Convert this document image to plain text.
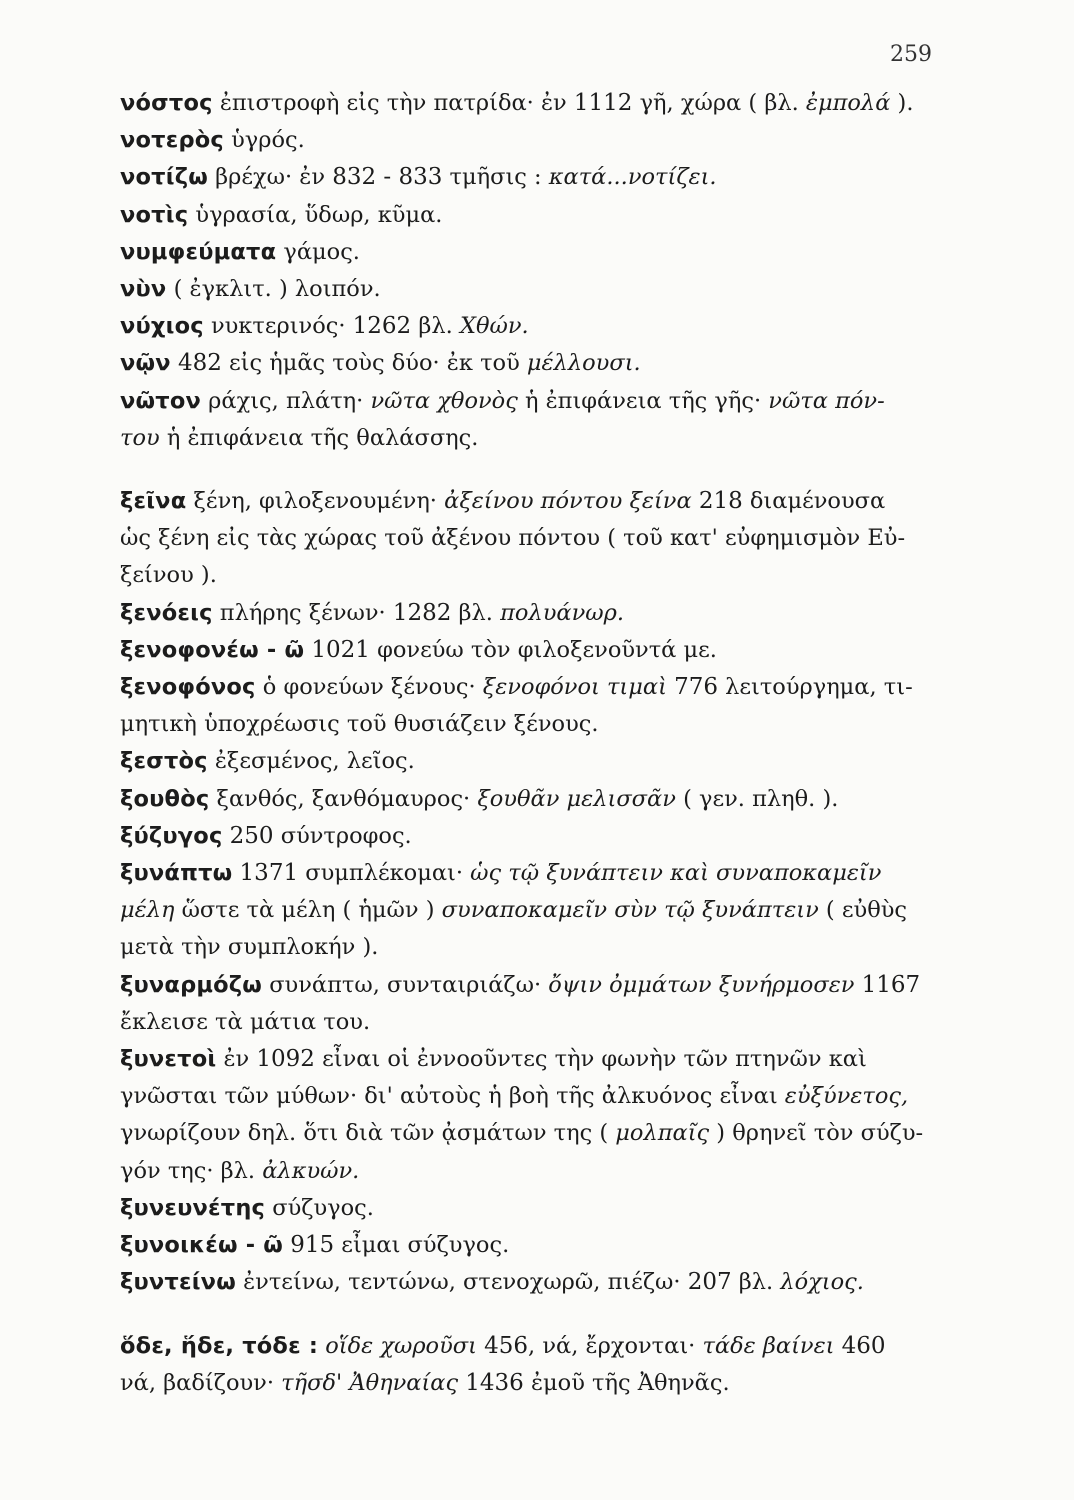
259
νόστος ἐπιστροφὴ εἰς τὴν πατρίδα· ἐν 1112 γῆ, χώρα ( βλ. ἐμπολά ).
νοτερὸς ὑγρός.
νοτίζω βρέχω· ἐν 832 - 833 τμῆσις : κατά...νοτίζει.
νοτὶς ὑγρασία, ὕδωρ, κῦμα.
νυμφεύματα γάμος.
νὺν ( ἐγκλιτ. ) λοιπόν.
νύχιος νυκτερινός· 1262 βλ. Χθών.
νῷν 482 εἰς ἡμᾶς τοὺς δύο· ἐκ τοῦ μέλλουσι.
νῶτον ράχις, πλάτη· νῶτα χθονὸς ἡ ἐπιφάνεια τῆς γῆς· νῶτα πόν-
του ἡ ἐπιφάνεια τῆς θαλάσσης.
ξεῖνα ξένη, φιλοξενουμένη· ἀξείνου πόντου ξείνα 218 διαμένουσα
ὡς ξένη εἰς τὰς χώρας τοῦ ἀξένου πόντου ( τοῦ κατ' εὐφημισμὸν Εὐ-
ξείνου ).
ξενόεις πλήρης ξένων· 1282 βλ. πολυάνωρ.
ξενοφονέω - ῶ 1021 φονεύω τὸν φιλοξενοῦντά με.
ξενοφόνος ὁ φονεύων ξένους· ξενοφόνοι τιμαὶ 776 λειτούργημα, τι-
μητικὴ ὑποχρέωσις τοῦ θυσιάζειν ξένους.
ξεστὸς ἐξεσμένος, λεῖος.
ξουθὸς ξανθός, ξανθόμαυρος· ξουθᾶν μελισσᾶν ( γεν. πληθ. ).
ξύζυγος 250 σύντροφος.
ξυνάπτω 1371 συμπλέκομαι· ὡς τῷ ξυνάπτειν καὶ συναποκαμεῖν
μέλη ὥστε τὰ μέλη ( ἡμῶν ) συναποκαμεῖν σὺν τῷ ξυνάπτειν ( εὐθὺς
μετὰ τὴν συμπλοκήν ).
ξυναρμόζω συνάπτω, συνταιριάζω· ὄψιν ὀμμάτων ξυνήρμοσεν 1167
ἔκλεισε τὰ μάτια του.
ξυνετοὶ ἐν 1092 εἶναι οἱ ἐννοοῦντες τὴν φωνὴν τῶν πτηνῶν καὶ
γνῶσται τῶν μύθων· δι' αὐτοὺς ἡ βοὴ τῆς ἀλκυόνος εἶναι εὐξύνετος,
γνωρίζουν δηλ. ὅτι διὰ τῶν ᾀσμάτων της ( μολπαῖς ) θρηνεῖ τὸν σύζυ-
γόν της· βλ. ἀλκυών.
ξυνευνέτης σύζυγος.
ξυνοικέω - ῶ 915 εἶμαι σύζυγος.
ξυντείνω ἐντείνω, τεντώνω, στενοχωρῶ, πιέζω· 207 βλ. λόχιος.
ὅδε, ἥδε, τόδε : οἵδε χωροῦσι 456, νά, ἔρχονται· τάδε βαίνει 460
νά, βαδίζουν· τῆσδ' Ἀθηναίας 1436 ἐμοῦ τῆς Ἀθηνᾶς.
